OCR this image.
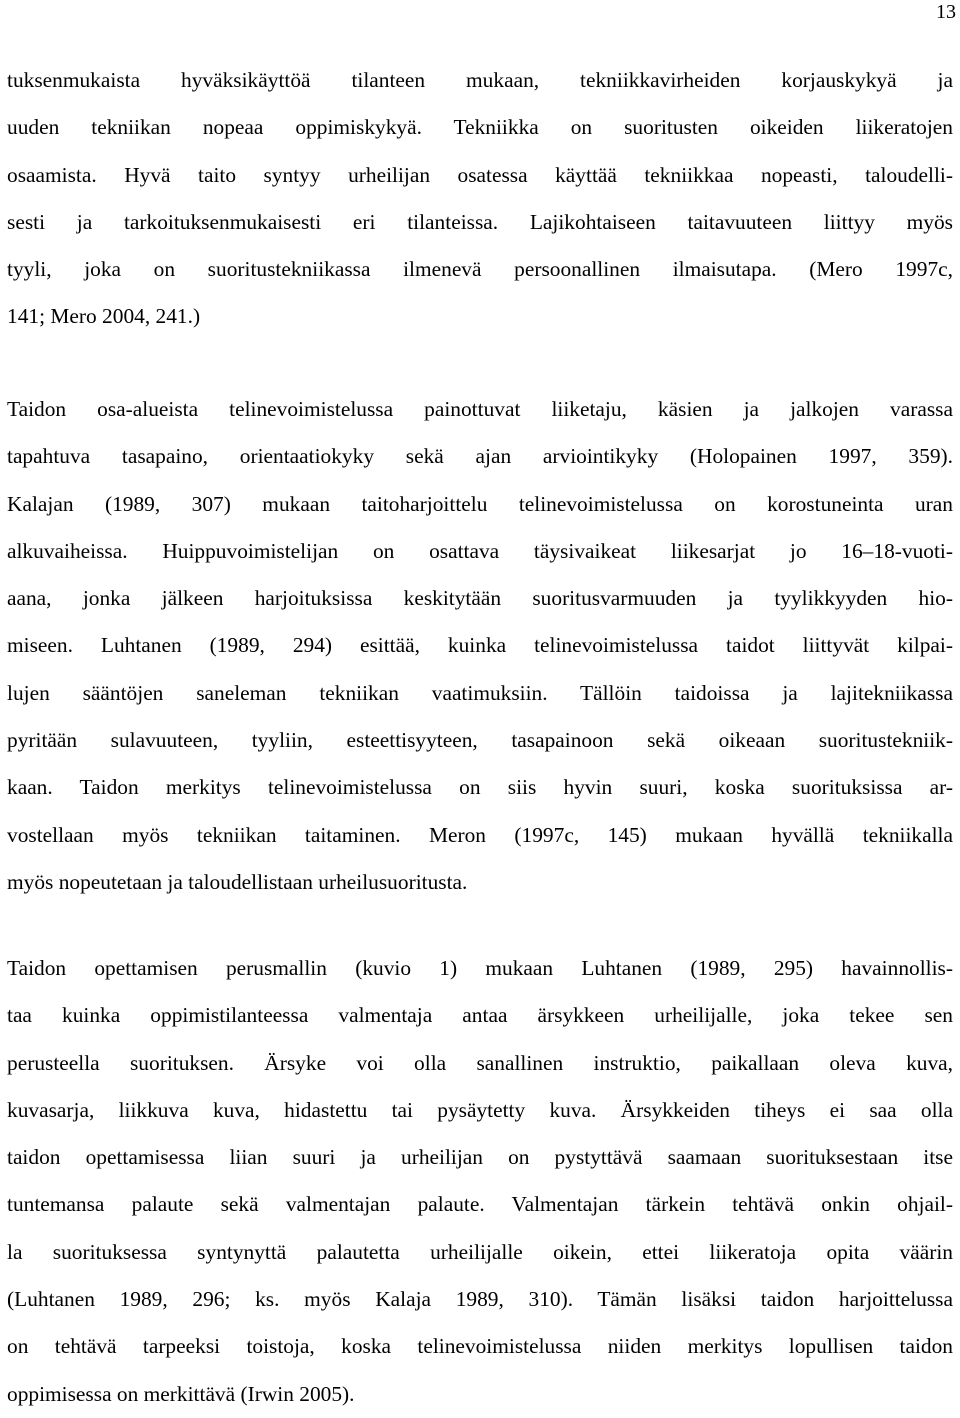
13
tuksenmukaista hyväksikäyttöä tilanteen mukaan, tekniikkavirheiden korjauskykyä ja
uuden tekniikan nopeaa oppimiskykyä. Tekniikka on suoritusten oikeiden liikeratojen
osaamista. Hyvä taito syntyy urheilijan osatessa käyttää tekniikkaa nopeasti, taloudelli-
sesti ja tarkoituksenmukaisesti eri tilanteissa. Lajikohtaiseen taitavuuteen liittyy myös
tyyli, joka on suoritustekniikassa ilmenevä persoonallinen ilmaisutapa. (Mero 1997c,
141; Mero 2004, 241.)
Taidon osa-alueista telinevoimistelussa painottuvat liiketaju, käsien ja jalkojen varassa
tapahtuva tasapaino, orientaatiokyky sekä ajan arviointikyky (Holopainen 1997, 359).
Kalajan (1989, 307) mukaan taitoharjoittelu telinevoimistelussa on korostuneinta uran
alkuvaiheissa. Huippuvoimistelijan on osattava täysivaikeat liikesarjat jo 16–18-vuoti-
aana, jonka jälkeen harjoituksissa keskitytään suoritusvarmuuden ja tyylikkyyden hio-
miseen. Luhtanen (1989, 294) esittää, kuinka telinevoimistelussa taidot liittyvät kilpai-
lujen sääntöjen saneleman tekniikan vaatimuksiin. Tällöin taidoissa ja lajitekniikassa
pyritään sulavuuteen, tyyliin, esteettisyyteen, tasapainoon sekä oikeaan suoritustekniik-
kaan. Taidon merkitys telinevoimistelussa on siis hyvin suuri, koska suorituksissa ar-
vostellaan myös tekniikan taitaminen. Meron (1997c, 145) mukaan hyvällä tekniikalla
myös nopeutetaan ja taloudellistaan urheilusuoritusta.
Taidon opettamisen perusmallin (kuvio 1) mukaan Luhtanen (1989, 295) havainnollis-
taa kuinka oppimistilanteessa valmentaja antaa ärsykkeen urheilijalle, joka tekee sen
perusteella suorituksen. Ärsyke voi olla sanallinen instruktio, paikallaan oleva kuva,
kuvasarja, liikkuva kuva, hidastettu tai pysäytetty kuva. Ärsykkeiden tiheys ei saa olla
taidon opettamisessa liian suuri ja urheilijan on pystyttävä saamaan suorituksestaan itse
tuntemansa palaute sekä valmentajan palaute. Valmentajan tärkein tehtävä onkin ohjail-
la suorituksessa syntynyttä palautetta urheilijalle oikein, ettei liikeratoja opita väärin
(Luhtanen 1989, 296; ks. myös Kalaja 1989, 310). Tämän lisäksi taidon harjoittelussa
on tehtävä tarpeeksi toistoja, koska telinevoimistelussa niiden merkitys lopullisen taidon
oppimisessa on merkittävä (Irwin 2005).
